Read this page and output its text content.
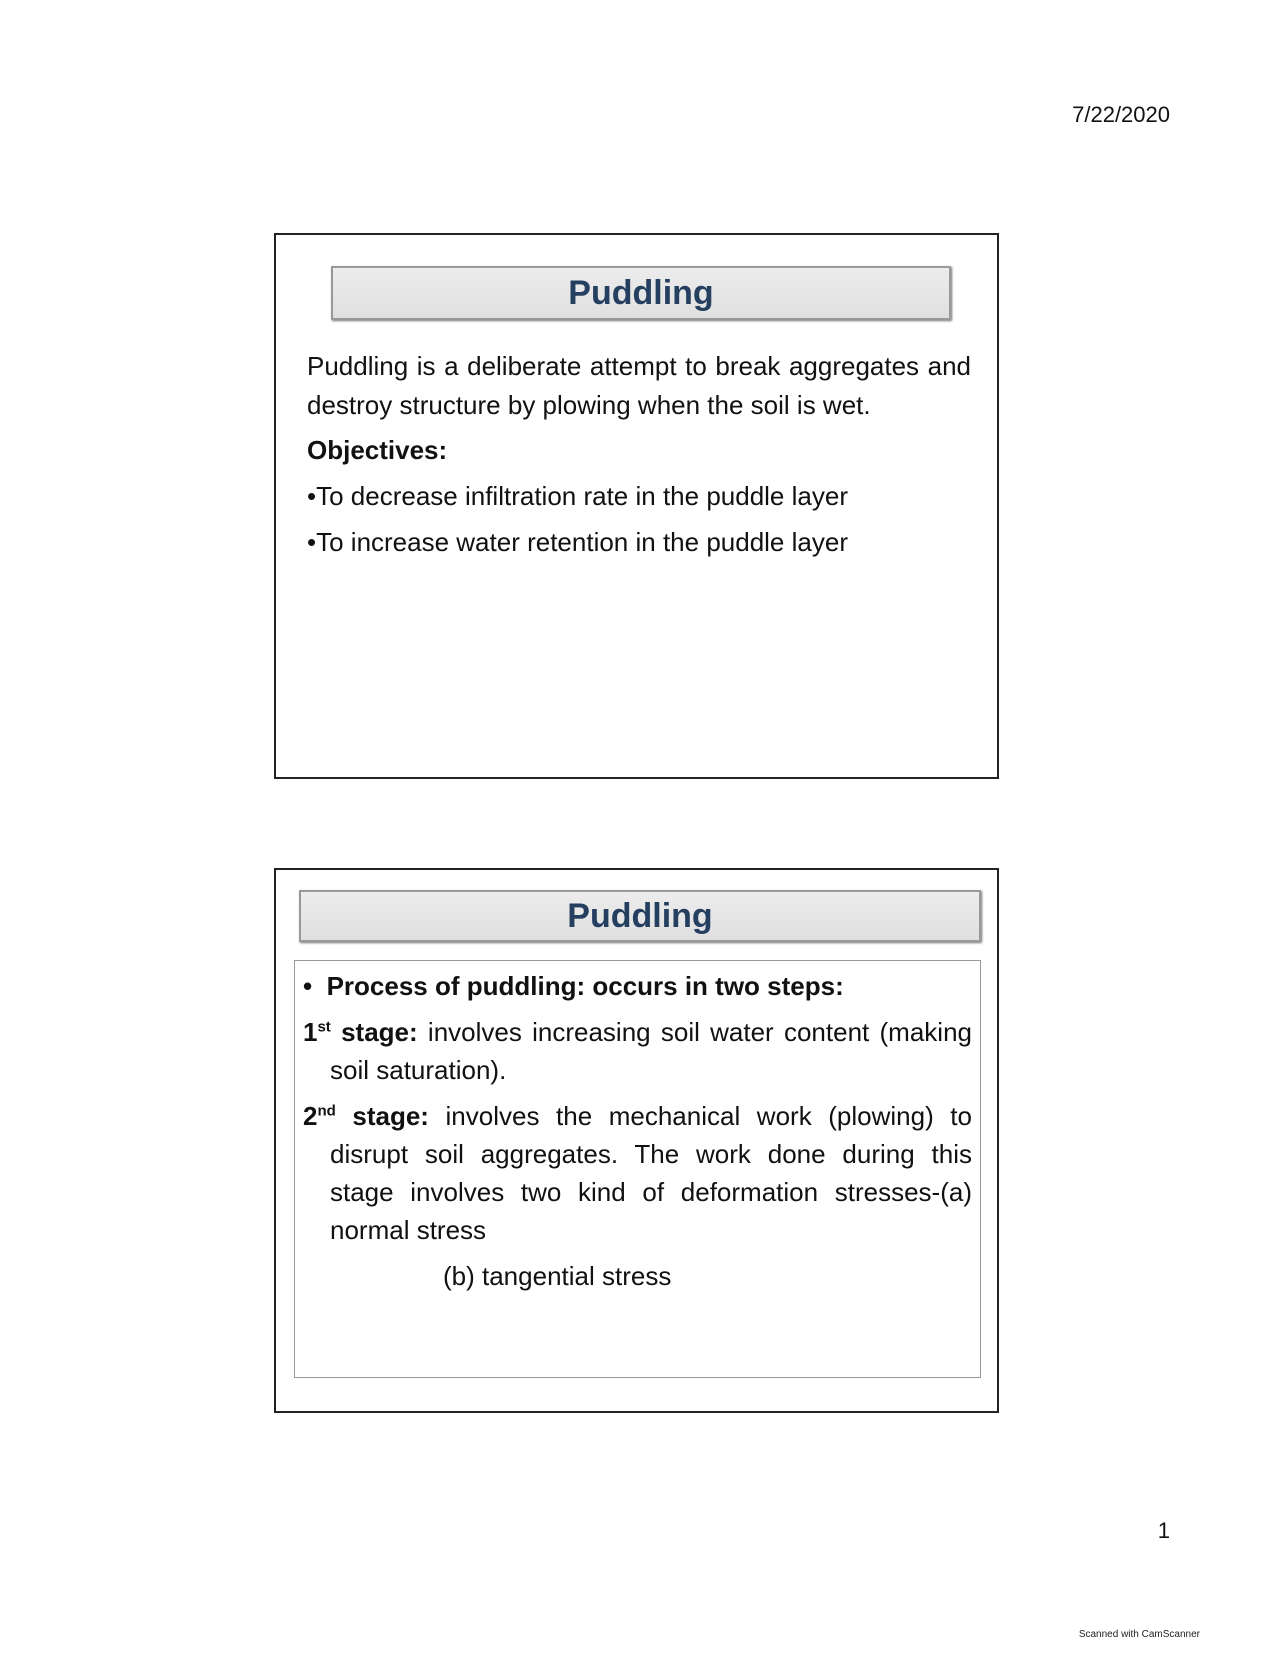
7/22/2020
Puddling
Puddling is a deliberate attempt to break aggregates and destroy structure by plowing when the soil is wet.
Objectives:
•To decrease infiltration rate in the puddle layer
•To increase water retention in the puddle layer
Puddling

•  Process of puddling: occurs in two steps:

1st stage: involves increasing soil water content (making soil saturation).

2nd stage: involves the mechanical work (plowing) to disrupt soil aggregates. The work done during this stage involves two kind of deformation stresses-(a) normal stress

(b) tangential stress
1
Scanned with CamScanner
